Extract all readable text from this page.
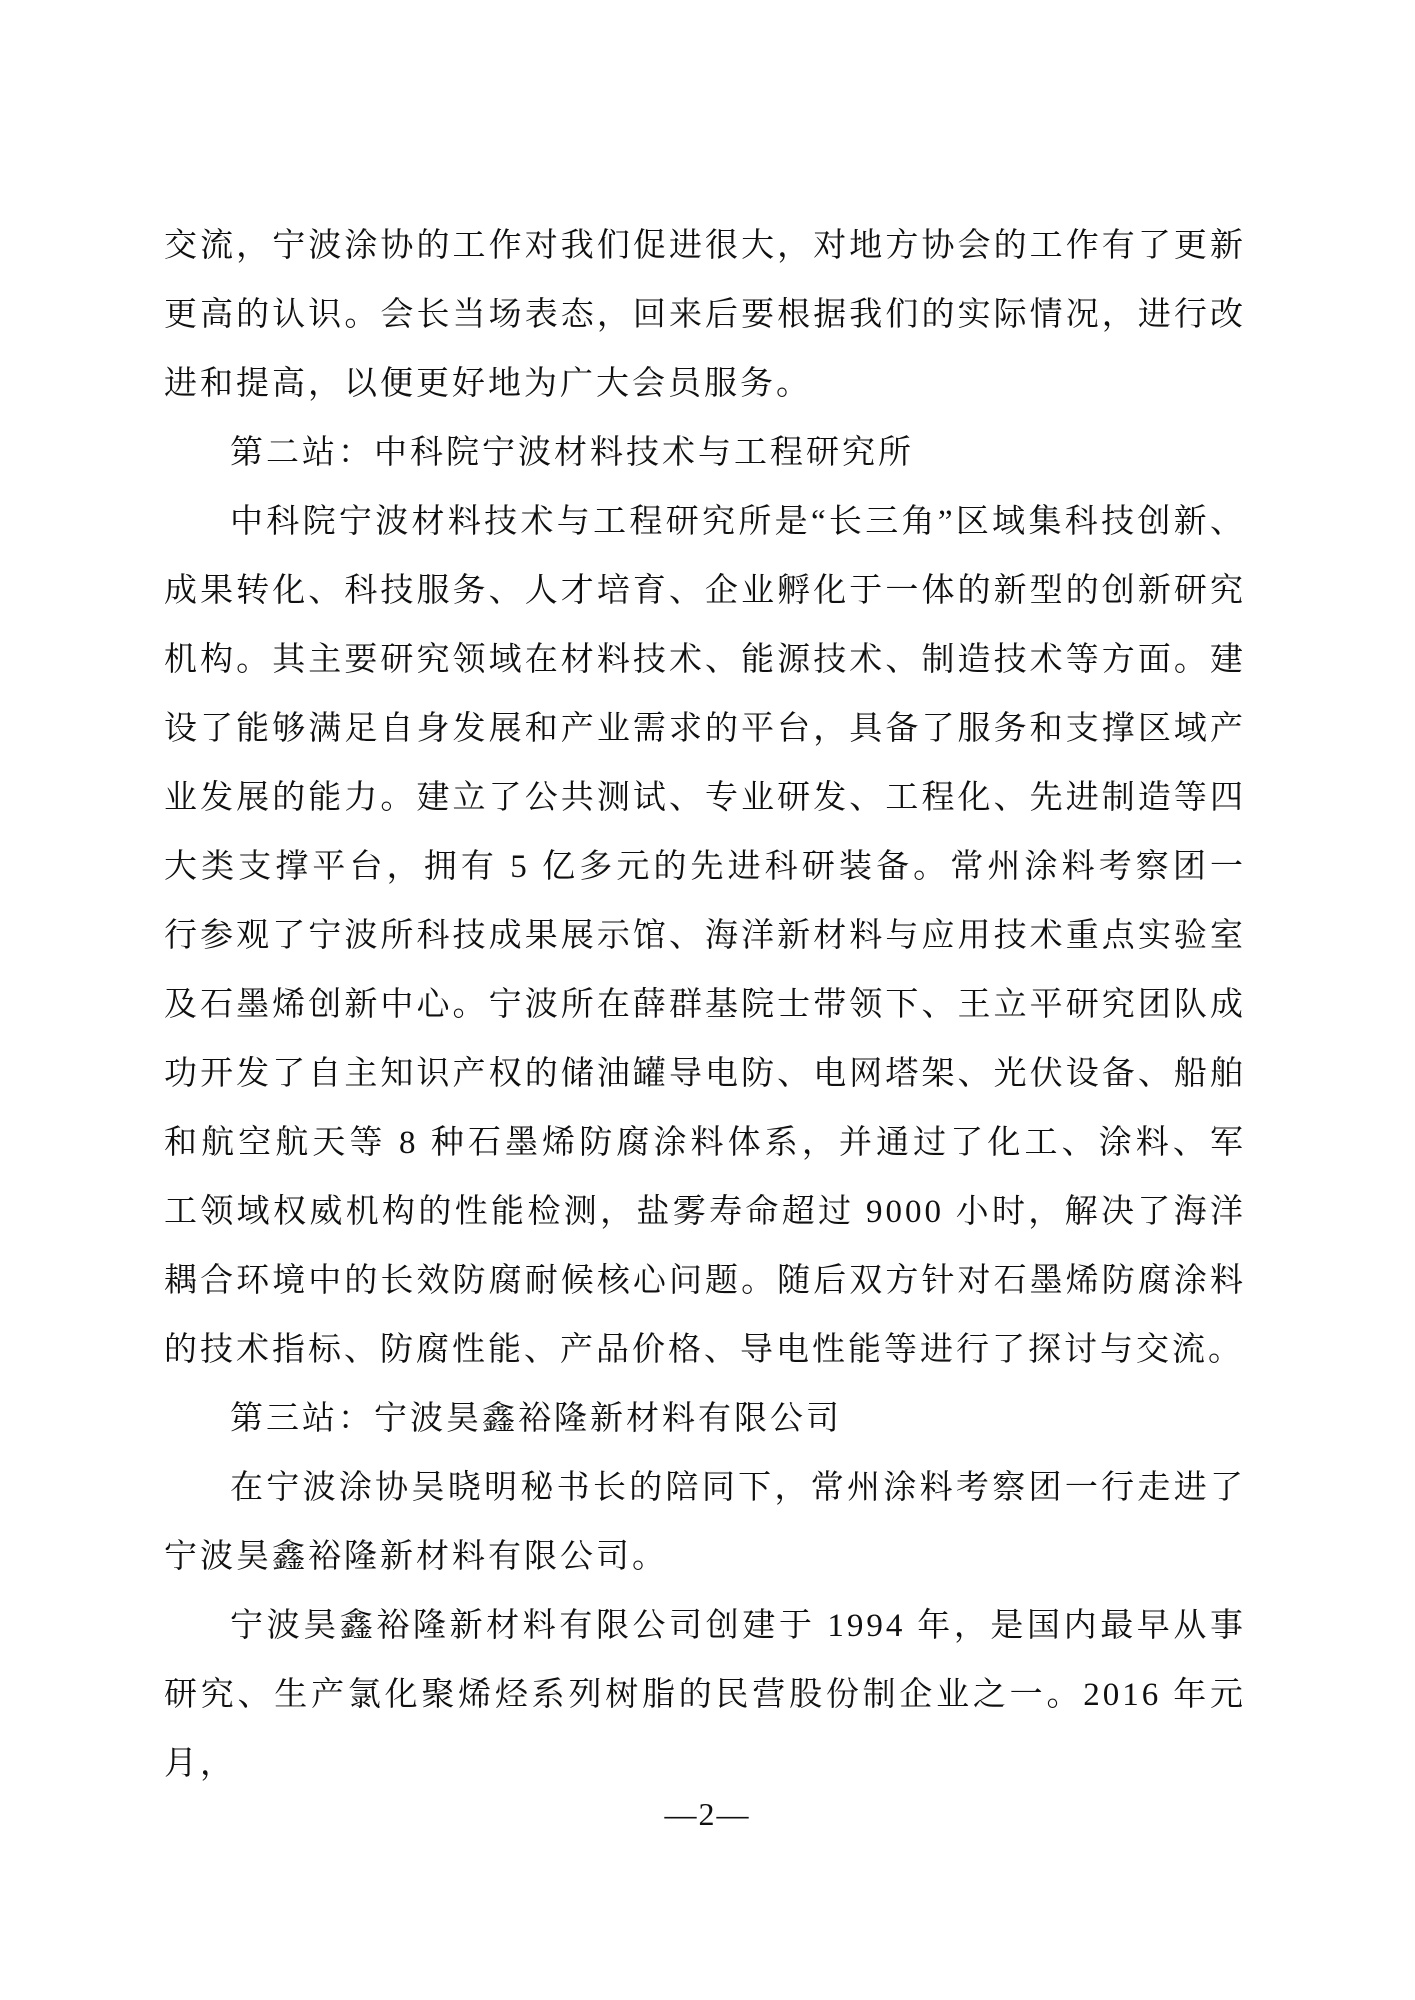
交流，宁波涂协的工作对我们促进很大，对地方协会的工作有了更新更高的认识。会长当场表态，回来后要根据我们的实际情况，进行改进和提高，以便更好地为广大会员服务。

第二站：中科院宁波材料技术与工程研究所

中科院宁波材料技术与工程研究所是“长三角”区域集科技创新、成果转化、科技服务、人才培育、企业孵化于一体的新型的创新研究机构。其主要研究领域在材料技术、能源技术、制造技术等方面。建设了能够满足自身发展和产业需求的平台，具备了服务和支撑区域产业发展的能力。建立了公共测试、专业研发、工程化、先进制造等四大类支撑平台，拥有 5 亿多元的先进科研装备。常州涂料考察团一行参观了宁波所科技成果展示馆、海洋新材料与应用技术重点实验室及石墨烯创新中心。宁波所在薛群基院士带领下、王立平研究团队成功开发了自主知识产权的储油罐导电防、电网塔架、光伏设备、船舶和航空航天等 8 种石墨烯防腐涂料体系，并通过了化工、涂料、军工领域权威机构的性能检测，盐雾寿命超过 9000 小时，解决了海洋耦合环境中的长效防腐耐候核心问题。随后双方针对石墨烯防腐涂料的技术指标、防腐性能、产品价格、导电性能等进行了探讨与交流。

第三站：宁波昊鑫裕隆新材料有限公司

在宁波涂协吴晓明秘书长的陪同下，常州涂料考察团一行走进了宁波昊鑫裕隆新材料有限公司。

宁波昊鑫裕隆新材料有限公司创建于 1994 年，是国内最早从事研究、生产氯化聚烯烃系列树脂的民营股份制企业之一。2016 年元月，

—2—
